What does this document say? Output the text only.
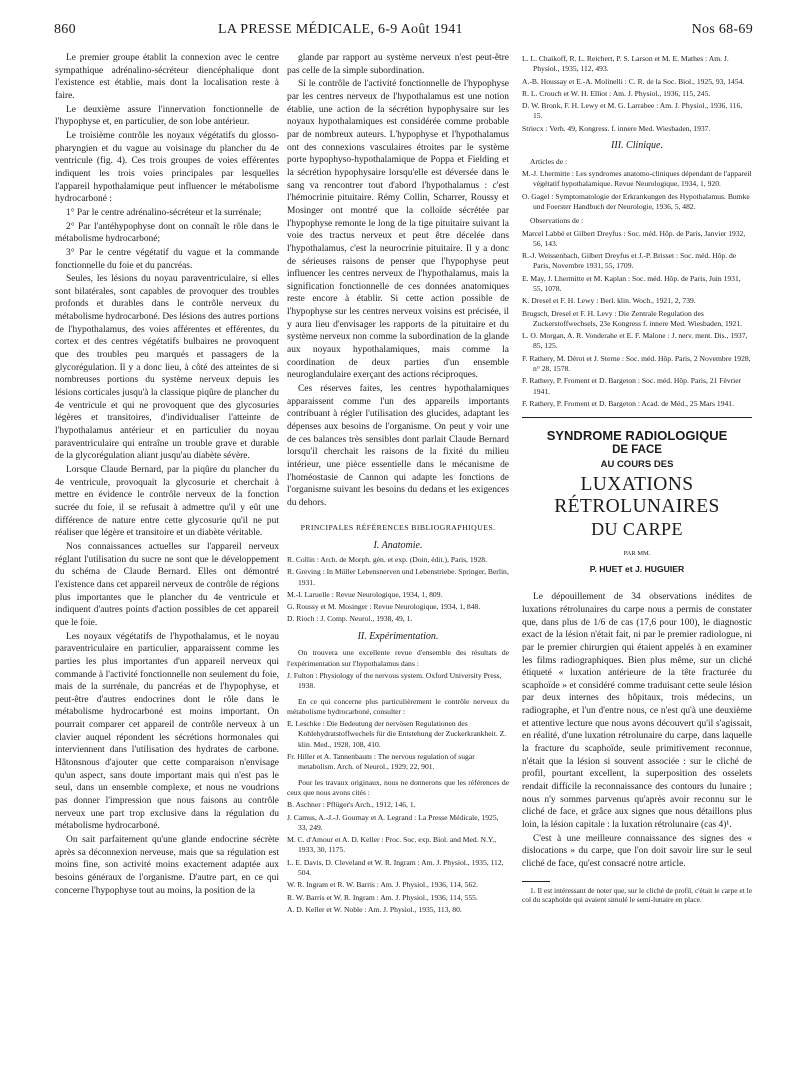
860	LA PRESSE MÉDICALE, 6-9 Août 1941	Nos 68-69

Le premier groupe établit la connexion avec le centre sympathique adrénalino-sécréteur diencéphalique dont l'existence est établie, mais dont la localisation reste à faire.

Le deuxième assure l'innervation fonctionnelle de l'hypophyse et, en particulier, de son lobe antérieur.

Le troisième contrôle les noyaux végétatifs du glosso-pharyngien et du vague au voisinage du plancher du 4e ventricule (fig. 4). Ces trois groupes de voies efférentes indiquent les trois voies principales par lesquelles l'appareil hypothalamique peut influencer le métabolisme hydrocarboné :

1° Par le centre adrénalino-sécréteur et la surrénale;

2° Par l'antéhypophyse dont on connaît le rôle dans le métabolisme hydrocarboné;

3° Par le centre végétatif du vague et la commande fonctionnelle du foie et du pancréas.

Seules, les lésions du noyau paraventriculaire, si elles sont bilatérales, sont capables de provoquer des troubles profonds et durables dans le contrôle nerveux du métabolisme hydrocarboné. Des lésions des autres portions de l'hypothalamus, des voies afférentes et efférentes, du cortex et des centres végétatifs bulbaires ne provoquent que des troubles peu marqués et passagers de la glycorégulation. Il y a donc lieu, à côté des atteintes de si nombreuses portions du système nerveux depuis les lésions corticales jusqu'à la classique piqûre de plancher du 4e ventricule et qui ne provoquent que des glycosuries légères et transitoires, d'individualiser l'atteinte de l'hypothalamus antérieur et en particulier du noyau paraventriculaire qui entraîne un trouble grave et durable de la glycorégulation aliant jusqu'au diabète sévère.

Lorsque Claude Bernard, par la piqûre du plancher du 4e ventricule, provoquait la glycosurie et cherchait à mettre en évidence le contrôle nerveux de la fonction sucrée du foie, il se refusait à admettre qu'il y eût une différence de nature entre cette glycosurie qu'il ne put réaliser que légère et transitoire et un diabète véritable.

Nos connaissances actuelles sur l'appareil nerveux réglant l'utilisation du sucre ne sont que le développement du schéma de Claude Bernard. Elles ont démontré l'existence dans cet appareil nerveux de contrôle de régions plus importantes que le plancher du 4e ventricule et indiquent d'autres points d'action possibles de cet appareil que le foie.

Les noyaux végétatifs de l'hypothalamus, et le noyau paraventriculaire en particulier, apparaissent comme les parties les plus importantes d'un appareil nerveux qui commande à l'activité fonctionnelle non seulement du foie, mais de la surrénale, du pancréas et de l'hypophyse, et peut-être d'autres endocrines dont le rôle dans le métabolisme hydrocarboné est moins important. On pourrait comparer cet appareil de contrôle nerveux à un clavier auquel répondent les sécrétions hormonales qui interviennent dans l'utilisation des hydrates de carbone. Hâtonsnous d'ajouter que cette comparaison n'envisage qu'un aspect, sans doute important mais qui n'est pas le seul, dans un ensemble complexe, et nous ne voudrions pas donner l'impression que nous faisons au contrôle nerveux une part trop exclusive dans la régulation du métabolisme hydrocarboné.

On sait parfaitement qu'une glande endocrine sécrète après sa déconnexion nerveuse, mais que sa régulation est moins fine, son activité moins exactement adaptée aux besoins généraux de l'organisme. D'autre part, en ce qui concerne l'hypophyse tout au moins, la position de la

glande par rapport au système nerveux n'est peut-être pas celle de la simple subordination.

Si le contrôle de l'activité fonctionnelle de l'hypophyse par les centres nerveux de l'hypothalamus est une notion établie, une action de la sécrétion hypophysaire sur les noyaux hypothalamiques est considérée comme probable par de nombreux auteurs. L'hypophyse et l'hypothalamus ont des connexions vasculaires étroites par le système porte hypophyso-hypothalamique de Poppa et Fielding et la sécrétion hypophysaire lorsqu'elle est déversée dans le sang va rencontrer tout d'abord l'hypothalamus : c'est l'hémocrinie pituitaire. Rémy Collin, Scharrer, Roussy et Mosinger ont montré que la colloïde sécrétée par l'hypophyse remonte le long de la tige pituitaire suivant la voie des tractus nerveux et peut être décelée dans l'hypothalamus, c'est la neurocrinie pituitaire. Il y a donc de sérieuses raisons de penser que l'hypophyse peut influencer les centres nerveux de l'hypothalamus, mais la signification fonctionnelle de ces données anatomiques reste encore à établir. Si cette action possible de l'hypophyse sur les centres nerveux voisins est précisée, il y aura lieu d'envisager les rapports de la pituitaire et du système nerveux non comme la subordination de la glande aux noyaux hypothalamiques, mais comme la coordination de deux parties d'un ensemble neuroglandulaire exerçant des actions réciproques.

Ces réserves faites, les centres hypothalamiques apparaissent comme l'un des appareils importants contribuant à régler l'utilisation des glucides, adaptant les dépenses aux besoins de l'organisme. On peut y voir une de ces balances très sensibles dont parlait Claude Bernard lorsqu'il cherchait les raisons de la fixité du milieu intérieur, une pièce essentielle dans le mécanisme de l'homéostasie de Cannon qui adapte les fonctions de l'organisme suivant les besoins du dedans et les exigences du dehors.

PRINCIPALES RÉFÉRENCES BIBLIOGRAPHIQUES.
I. Anatomie.
R. Collin : Arch. de Morph. gén. et exp. (Doin, édit.), Paris, 1928.
R. Greving : In Müller Lebensnerven und Lebenstriebe. Springer, Berlin, 1931.
M.-I. Laruelle : Revue Neurologique, 1934, 1, 809.
G. Roussy et M. Mosinger : Revue Neurologique, 1934, 1, 848.
D. Rioch : J. Comp. Neurol., 1938, 49, 1.
II. Expérimentation.
On trouvera une excellente revue d'ensemble des résultats de l'expérimentation sur l'hypothalamus dans :
J. Fulton : Physiology of the nervous system. Oxford University Press, 1938.
En ce qui concerne plus particulièrement le contrôle nerveux du métabolisme hydrocarboné, consulter :
E. Leschke : Die Bedeutung der nervösen Regulationen des Kohlehydratstoffwechels für die Entstehung der Zuckerkrankheit. Z. klin. Med., 1928, 108, 410.
Fr. Hiller et A. Tannenbaum : The nervous regulation of sugar metabolism. Arch. of Neurol., 1929, 22, 901.
Pour les travaux originaux, nous ne donnerons que les références de ceux que nous avons cités :
B. Aschner : Pflüger's Arch., 1912, 146, 1.
J. Camus, A.-J.-J. Gournay et A. Legrand : La Presse Médicale, 1925, 33, 249.
M. C. d'Amour et A. D. Keller : Proc. Soc. exp. Biol. and Med. N.Y., 1933, 30, 1175.
L. E. Davis, D. Cleveland et W. R. Ingram : Am. J. Physiol., 1935, 112, 504.
W. R. Ingram et R. W. Barris : Am. J. Physiol., 1936, 114, 562.
R. W. Barris et W. R. Ingram : Am. J. Physiol., 1936, 114, 555.
A. D. Keller et W. Noble : Am. J. Physiol., 1935, 113, 80.
L. L. Chaikoff, R. L. Reichert, P. S. Larson et M. E. Mathes : Am. J. Physiol., 1935, 112, 493.
A.-B. Houssay et E.-A. Molinelli : C. R. de la Soc. Biol., 1925, 93, 1454.
R. L. Crouch et W. H. Elliot : Am. J. Physiol., 1936, 115, 245.
D. W. Bronk, F. H. Lewy et M. G. Larrabee : Am. J. Physiol., 1936, 116, 15.
Striecx : Verh. 49, Kongress. f. innere Med. Wiesbaden, 1937.
III. Clinique.
Articles de :
M.-J. Lhermitte : Les syndromes anatomo-cliniques dépendant de l'appareil végétatif hypothalamique. Revue Neurologique, 1934, 1, 920.
O. Gagel : Symptomatologie der Erkrankungen des Hypothalamus. Bumke und Foerster Handbuch der Neurologie, 1936, 5, 482.
Observations de :
Marcel Labbé et Gilbert Dreyfus : Soc. méd. Hôp. de Paris, Janvier 1932, 56, 143.
R.-J. Weissenbach, Gilbert Dreyfus et J.-P. Brisset : Soc. méd. Hôp. de Paris, Novembre 1931, 55, 1709.
E. May, J. Lhermitte et M. Kaplan : Soc. méd. Hôp. de Paris, Juin 1931, 55, 1078.
K. Dresel et F. H. Lewy : Berl. klin. Woch., 1921, 2, 739.
Brugsch, Dresel et F. H. Levy : Die Zentrale Regulation des Zuckerstoffwechsels, 23e Kongress f. innere Med. Wiesbaden, 1921.
L. O. Morgan, A. R. Vonderahe et E. F. Malone : J. nerv. ment. Dis., 1937, 85, 125.
F. Rathery, M. Dérot et J. Sterne : Soc. méd. Hôp. Paris, 2 Novembre 1928, n° 28, 1578.
F. Rathery, P. Froment et D. Bargeton : Soc. méd. Hôp. Paris, 21 Février 1941.
F. Rathery, P. Froment et D. Bargeton : Acad. de Méd., 25 Mars 1941.
SYNDROME RADIOLOGIQUE
DE FACE
AU COURS DES
LUXATIONS RÉTROLUNAIRES
DU CARPE
PAR MM.
P. HUET et J. HUGUIER

Le dépouillement de 34 observations inédites de luxations rétrolunaires du carpe nous a permis de constater que, dans plus de 1/6 de cas (17,6 pour 100), le diagnostic exact de la lésion n'était fait, ni par le premier radiologue, ni par le premier chirurgien qui étaient appelés à en examiner les films radiographiques. Bien plus même, sur un cliché étiqueté « luxation antérieure de la tête fracturée du scaphoïde » et considéré comme traduisant cette seule lésion par deux internes des hôpitaux, trois médecins, un radiographe, et l'un d'entre nous, ce n'est qu'à une deuxième et attentive lecture que nous avons découvert qu'il s'agissait, en réalité, d'une luxation rétrolunaire du carpe, dans laquelle la fracture du scaphoïde, seule primitivement reconnue, n'était que la lésion si souvent associée : sur le cliché de profil, pourtant excellent, la superposition des osselets rendait difficile la reconnaissance des contours du lunaire ; nous n'y sommes parvenus qu'après avoir reconnu sur le cliché de face, et grâce aux signes que nous détaillons plus loin, la lésion capitale : la luxation rétrolunaire (cas 4)¹.

C'est à une meilleure connaissance des signes des « dislocations » du carpe, que l'on doit savoir lire sur le seul cliché de face, qu'est consacré notre article.

1. Il est intéressant de noter que, sur le cliché de profil, c'était le carpe et le col du scaphoïde qui avaient simulé le semi-lunaire en place.
